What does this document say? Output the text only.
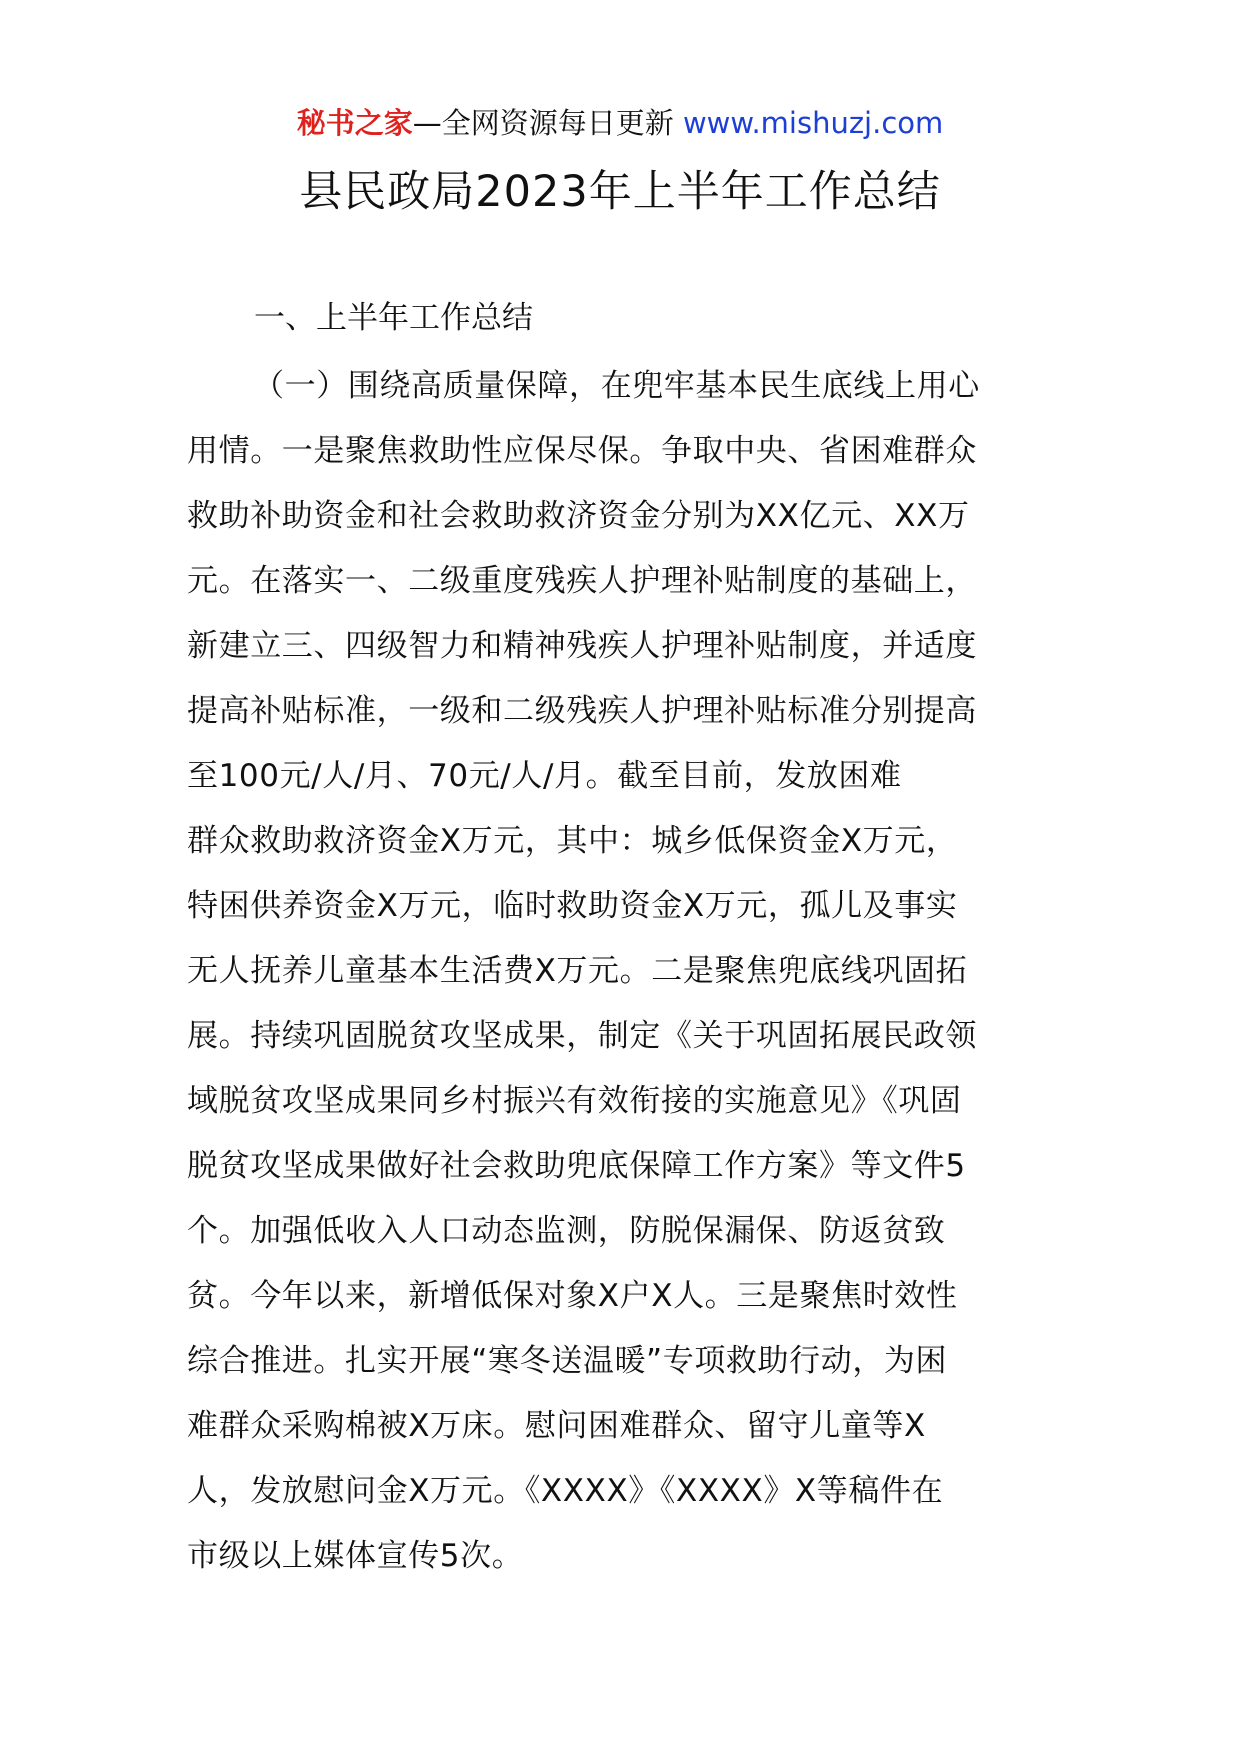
秘书之家—全网资源每日更新 www.mishuzj.com
县民政局2023年上半年工作总结
一、上半年工作总结
（一）围绕高质量保障，在兜牢基本民生底线上用心
用情。一是聚焦救助性应保尽保。争取中央、省困难群众
救助补助资金和社会救助救济资金分别为XX亿元、XX万
元。在落实一、二级重度残疾人护理补贴制度的基础上，
新建立三、四级智力和精神残疾人护理补贴制度，并适度
提高补贴标准，一级和二级残疾人护理补贴标准分别提高
至100元/人/月、70元/人/月。截至目前，发放困难
群众救助救济资金X万元，其中：城乡低保资金X万元，
特困供养资金X万元，临时救助资金X万元，孤儿及事实
无人抚养儿童基本生活费X万元。二是聚焦兜底线巩固拓
展。持续巩固脱贫攻坚成果，制定《关于巩固拓展民政领
域脱贫攻坚成果同乡村振兴有效衔接的实施意见》《巩固
脱贫攻坚成果做好社会救助兜底保障工作方案》等文件5
个。加强低收入人口动态监测，防脱保漏保、防返贫致
贫。今年以来，新增低保对象X户X人。三是聚焦时效性
综合推进。扎实开展“寒冬送温暖”专项救助行动，为困
难群众采购棉被X万床。慰问困难群众、留守儿童等X
人，发放慰问金X万元。《XXXX》《XXXX》X等稿件在
市级以上媒体宣传5次。
